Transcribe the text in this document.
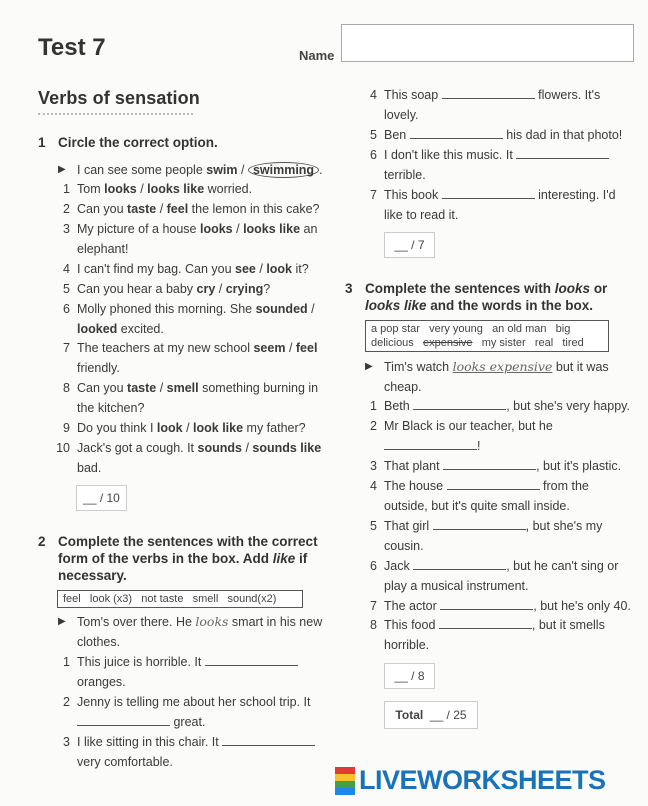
Test 7	Name
Verbs of sensation
1 Circle the correct option.
▶ I can see some people swim / swimming .
1 Tom looks / looks like worried.
2 Can you taste / feel the lemon in this cake?
3 My picture of a house looks / looks like an
elephant!
4 I can't find my bag. Can you see / look it?
5 Can you hear a baby cry / crying?
6 Molly phoned this morning. She sounded /
looked excited.
7 The teachers at my new school seem / feel
friendly.
8 Can you taste / smell something burning in
the kitchen?
9 Do you think I look / look like my father?
10 Jack's got a cough. It sounds / sounds like
bad.
__ / 10
2 Complete the sentences with the correct
form of the verbs in the box. Add like if
necessary.
feel   look (x3)   not taste   smell   sound(x2)
▶ Tom's over there. He looks smart in his new
clothes.
1 This juice is horrible. It
oranges.
2 Jenny is telling me about her school trip. It
great.
3 I like sitting in this chair. It
very comfortable.
4 This soap	flowers. It's
lovely.
5 Ben	his dad in that photo!
6 I don't like this music. It
terrible.
7 This book	interesting. I'd
like to read it.
__ / 7
3 Complete the sentences with looks or
looks like and the words in the box.
a pop star   very young   an old man   big
delicious   expensive   my sister   real   tired
▶ Tim's watch looks expensive but it was
cheap.
1 Beth	, but she's very happy.
2 Mr Black is our teacher, but he
!
3 That plant	, but it's plastic.
4 The house	from the
outside, but it's quite small inside.
5 That girl	, but she's my
cousin.
6 Jack	, but he can't sing or
play a musical instrument.
7 The actor	, but he's only 40.
8 This food	, but it smells
horrible.
__ / 8
Total __ / 25
LIVEWORKSHEETS
